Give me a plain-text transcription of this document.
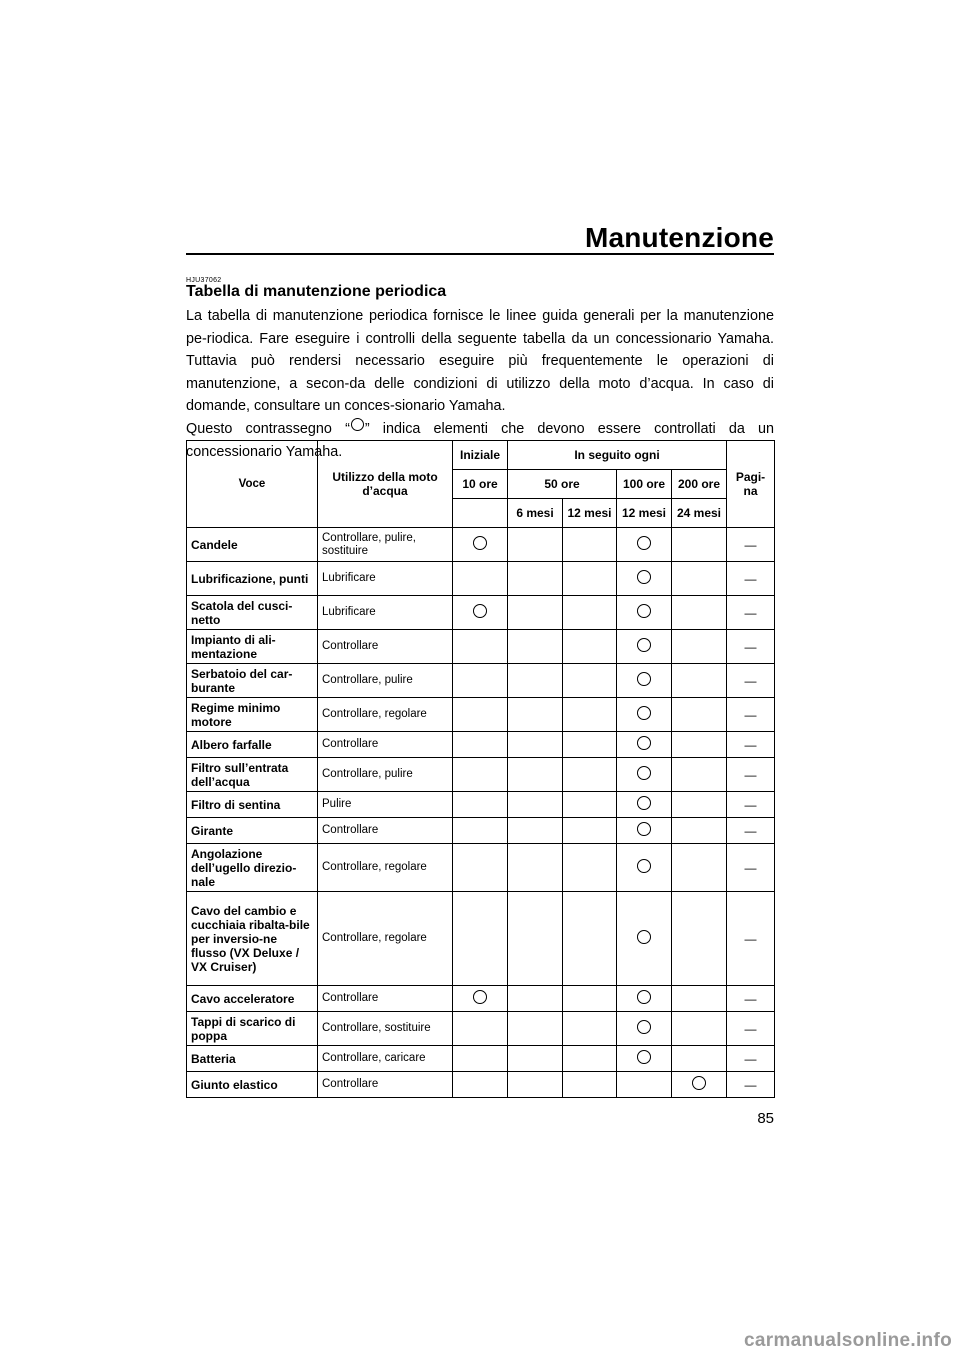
Manutenzione
HJU37062
Tabella di manutenzione periodica

La tabella di manutenzione periodica fornisce le linee guida generali per la manutenzione pe-riodica. Fare eseguire i controlli della seguente tabella da un concessionario Yamaha. Tuttavia può rendersi necessario eseguire più frequentemente le operazioni di manutenzione, a secon-da delle condizioni di utilizzo della moto d’acqua. In caso di domande, consultare un conces-sionario Yamaha.

Questo contrassegno “○” indica elementi che devono essere controllati da un concessionario Yamaha.

Voce	Utilizzo della moto d’acqua	Iniziale	In seguito ogni				Pagi-na
		10 ore	50 ore		100 ore	200 ore	
			6 mesi	12 mesi	12 mesi	24 mesi	
Candele	Controllare, pulire, sostituire						—
Lubrificazione, punti	Lubrificare						—
Scatola del cusci-netto	Lubrificare						—
Impianto di ali-mentazione	Controllare						—
Serbatoio del car-burante	Controllare, pulire						—
Regime minimo motore	Controllare, regolare						—
Albero farfalle	Controllare						—
Filtro sull’entrata dell’acqua	Controllare, pulire						—
Filtro di sentina	Pulire						—
Girante	Controllare						—
Angolazione dell’ugello direzio-nale	Controllare, regolare						—
Cavo del cambio e cucchiaia ribalta-bile per inversio-ne flusso (VX Deluxe / VX Cruiser)	Controllare, regolare						—
Cavo acceleratore	Controllare						—
Tappi di scarico di poppa	Controllare, sostituire						—
Batteria	Controllare, caricare						—
Giunto elastico	Controllare						—
85
carmanualsonline.info
